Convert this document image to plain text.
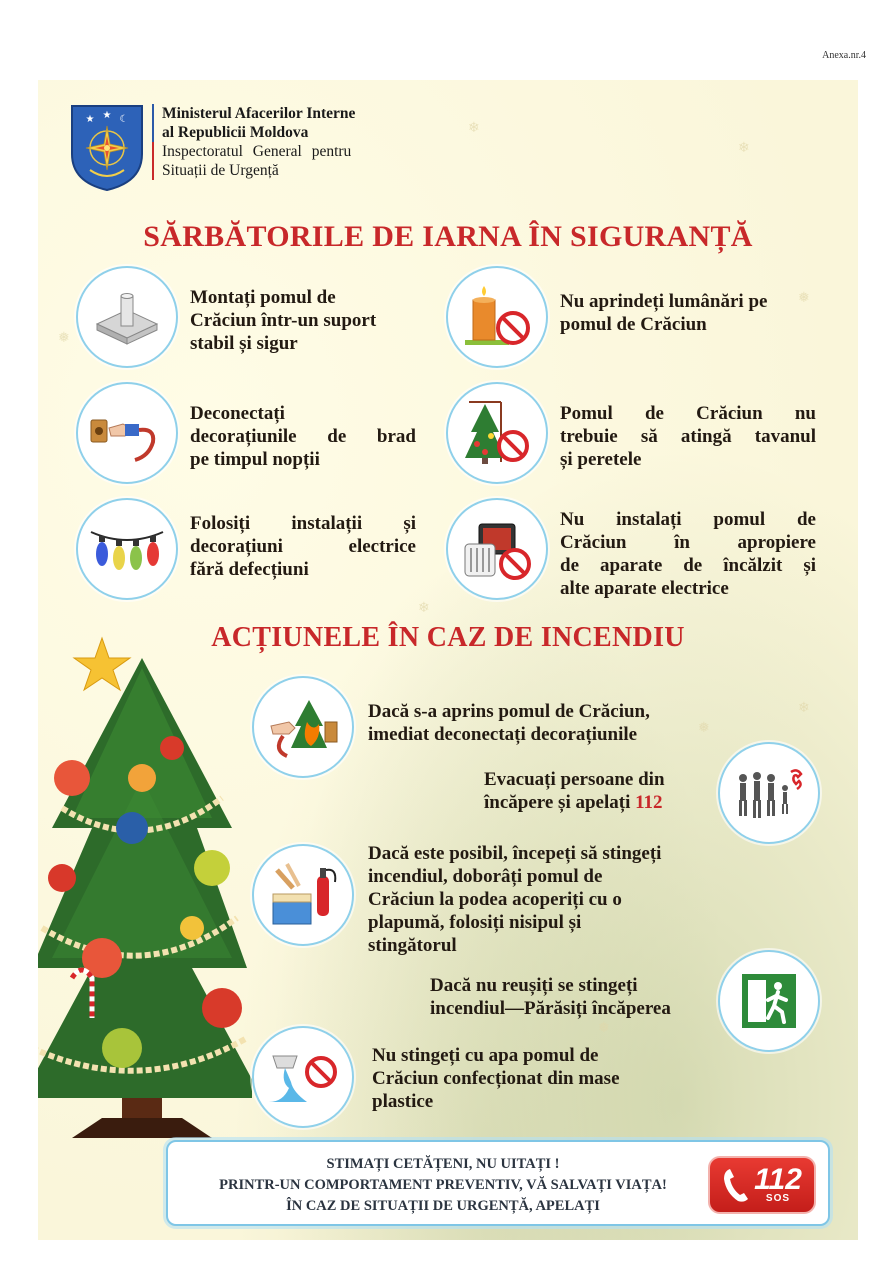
Anexa.nr.4
❄
❄
❅
❅
❄
❅
❄
❅
★ ★ ☾ Ministerul Afacerilor Interne
al Republicii Moldova
Inspectoratul General pentru
Situații de Urgență
SĂRBĂTORILE DE IARNA ÎN SIGURANȚĂ
Montați pomul de
Crăciun într-un suport
stabil și sigur
Nu aprindeți lumânări pe
pomul de Crăciun
Deconectați
decorațiunile de brad
pe timpul nopții
Pomul de Crăciun nu
trebuie să atingă tavanul
și peretele
Folosiți instalații și
decorațiuni electrice
fără defecțiuni
Nu instalați pomul de
Crăciun în apropiere
de aparate de încălzit și
alte aparate electrice
ACȚIUNELE ÎN CAZ DE INCENDIU
Dacă s-a aprins pomul de Crăciun,
imediat deconectați decorațiunile
Evacuați persoane din
încăpere și apelați 112
Dacă este posibil, începeți să stingeți
incendiul, doborâți pomul de
Crăciun la podea acoperiți cu o
plapumă, folosiți nisipul și
stingătorul
Dacă nu reușiți se stingeți
incendiul—Părăsiți încăperea
Nu stingeți cu apa pomul de
Crăciun confecționat din mase
plastice
STIMAȚI CETĂȚENI, NU UITAȚI !
PRINTR-UN COMPORTAMENT PREVENTIV, VĂ SALVAȚI VIAȚA!
ÎN CAZ DE SITUAȚII DE URGENȚĂ, APELAȚI
112
SOS
